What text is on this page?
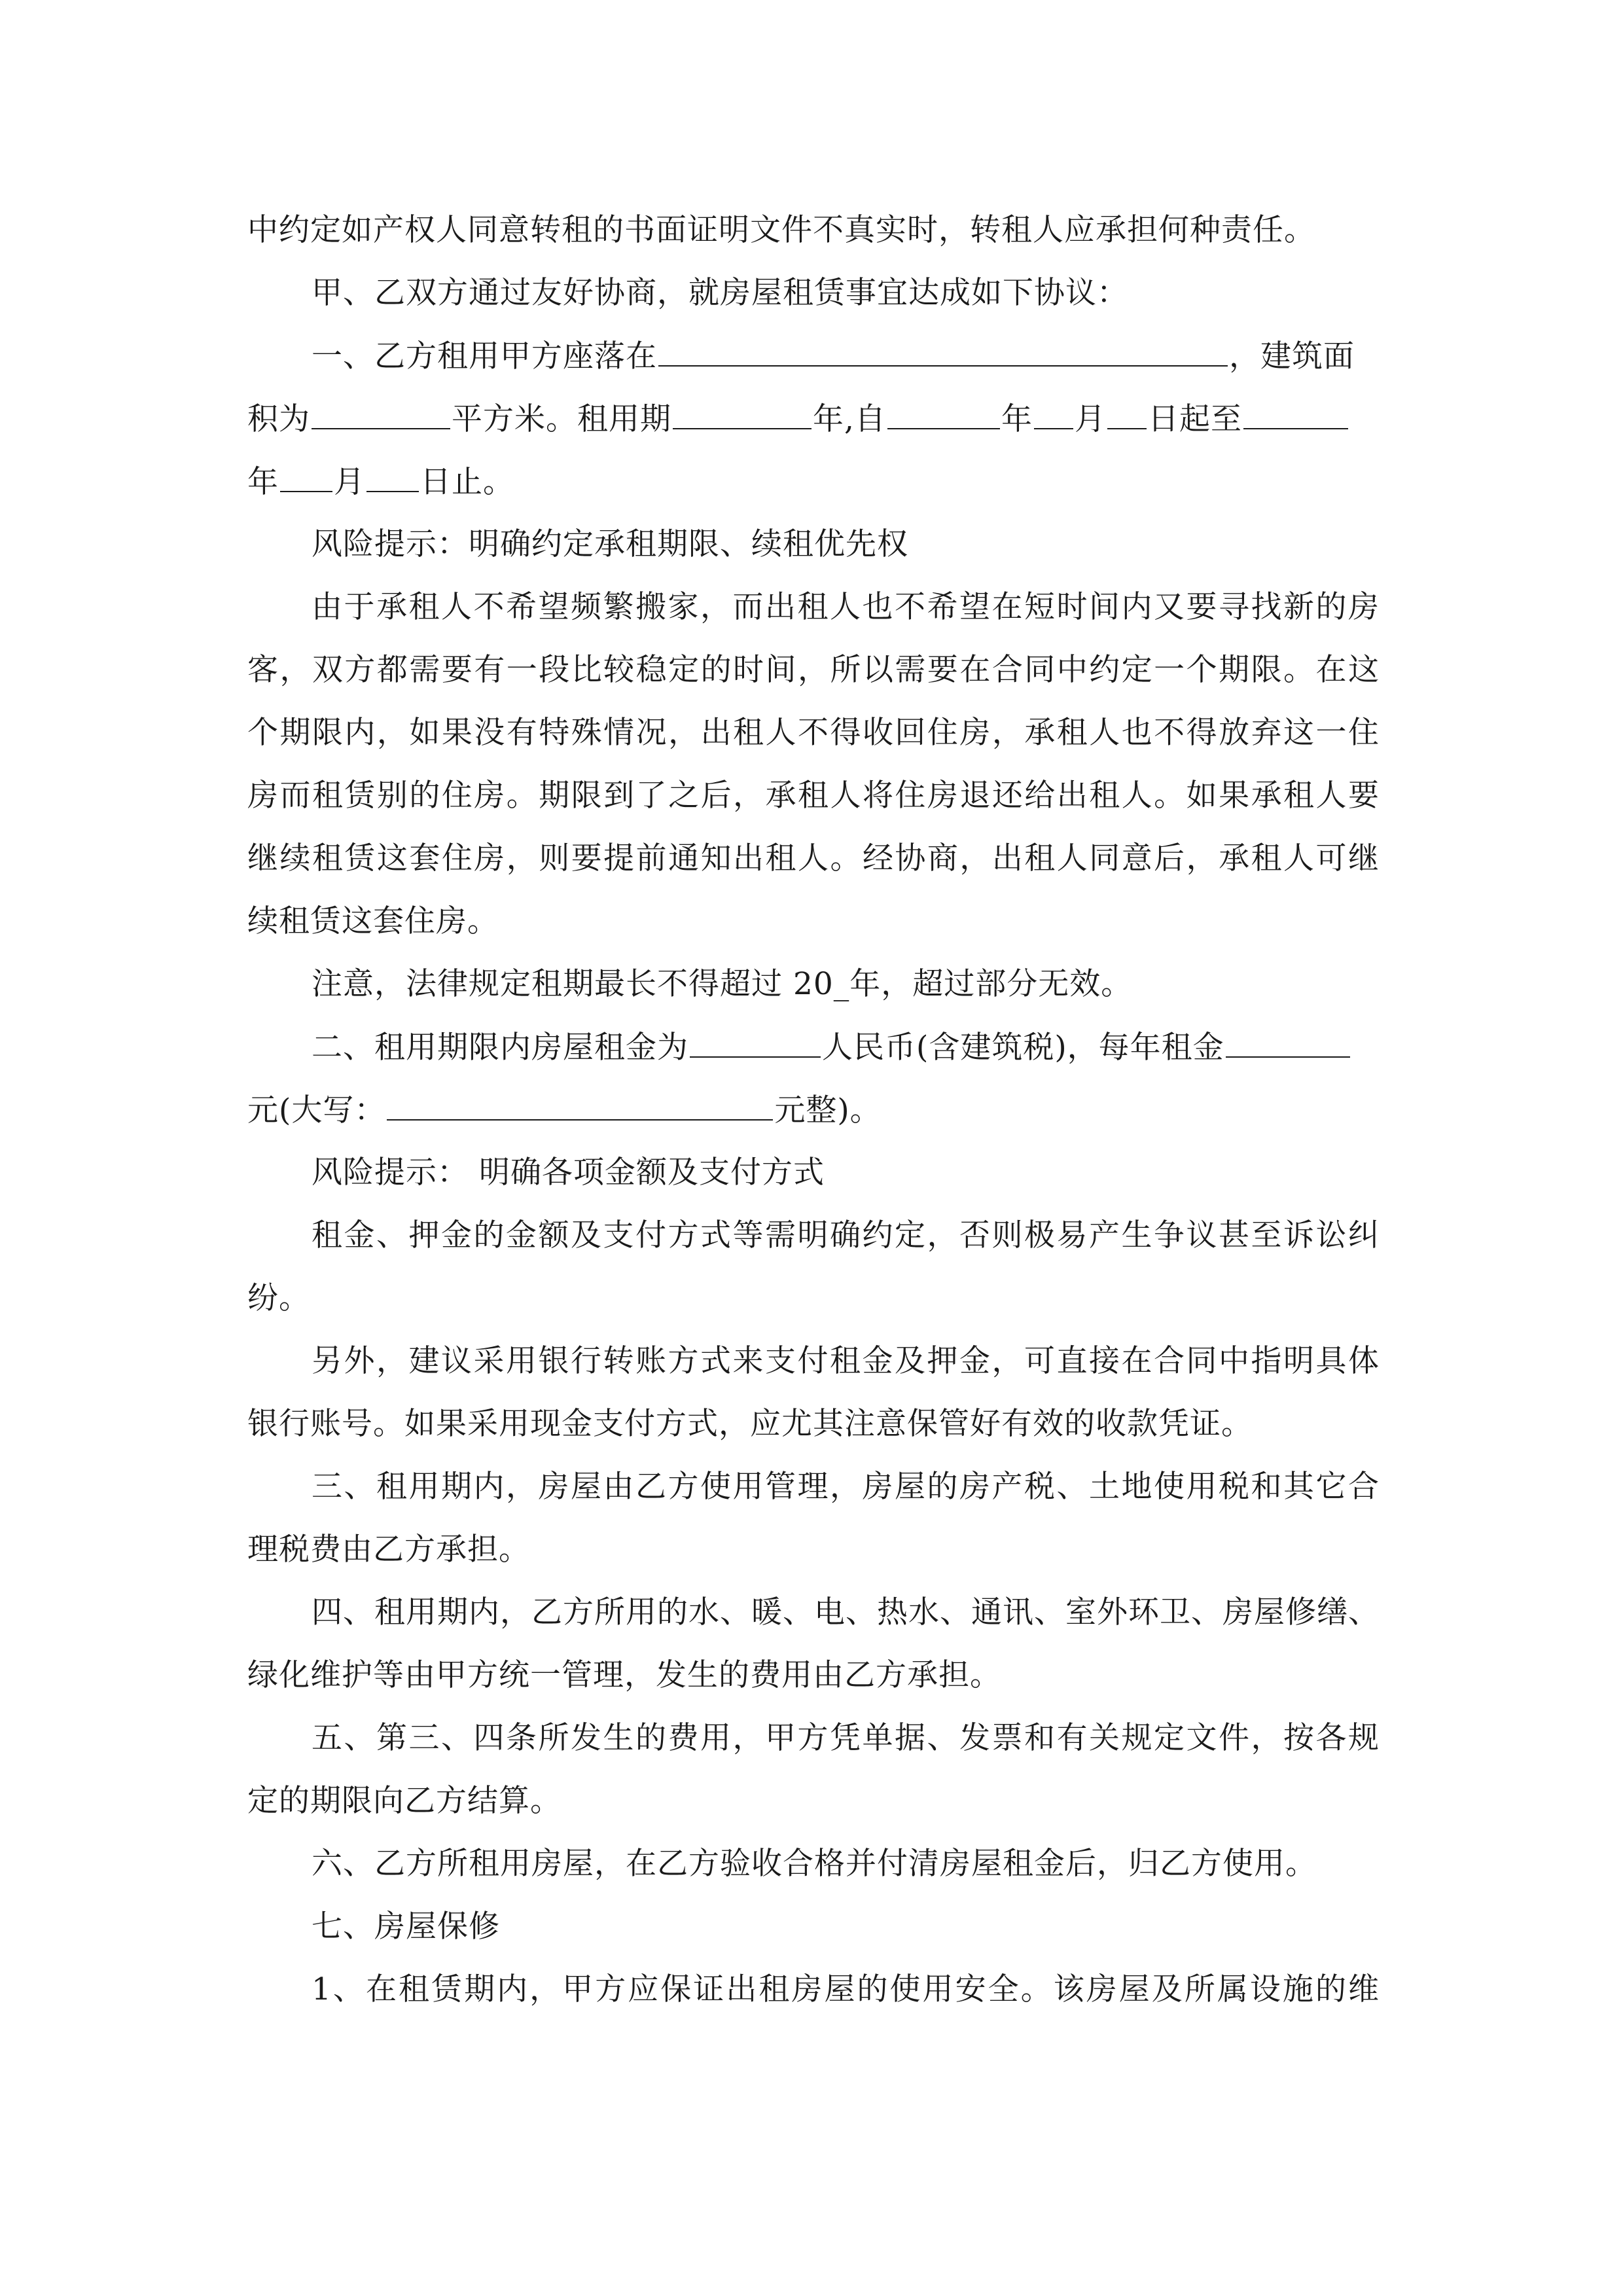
中约定如产权人同意转租的书面证明文件不真实时，转租人应承担何种责任。
甲、乙双方通过友好协商，就房屋租赁事宜达成如下协议：
一、乙方租用甲方座落在	，建筑面
积为	平方米。租用期	年,自	年 月 日起至
年 月 日止。
风险提示：明确约定承租期限、续租优先权
由于承租人不希望频繁搬家，而出租人也不希望在短时间内又要寻找新的房
客，双方都需要有一段比较稳定的时间，所以需要在合同中约定一个期限。在这
个期限内，如果没有特殊情况，出租人不得收回住房，承租人也不得放弃这一住
房而租赁别的住房。期限到了之后，承租人将住房退还给出租人。如果承租人要
继续租赁这套住房，则要提前通知出租人。经协商，出租人同意后，承租人可继
续租赁这套住房。
注意，法律规定租期最长不得超过 20_年，超过部分无效。
二、租用期限内房屋租金为	人民币(含建筑税)，每年租金
元(大写：	元整)。
风险提示： 明确各项金额及支付方式
租金、押金的金额及支付方式等需明确约定，否则极易产生争议甚至诉讼纠
纷。
另外，建议采用银行转账方式来支付租金及押金，可直接在合同中指明具体
银行账号。如果采用现金支付方式，应尤其注意保管好有效的收款凭证。
三、租用期内，房屋由乙方使用管理，房屋的房产税、土地使用税和其它合
理税费由乙方承担。
四、租用期内，乙方所用的水、暖、电、热水、通讯、室外环卫、房屋修缮、
绿化维护等由甲方统一管理，发生的费用由乙方承担。
五、第三、四条所发生的费用，甲方凭单据、发票和有关规定文件，按各规
定的期限向乙方结算。
六、乙方所租用房屋，在乙方验收合格并付清房屋租金后，归乙方使用。
七、房屋保修
1、在租赁期内，甲方应保证出租房屋的使用安全。该房屋及所属设施的维
